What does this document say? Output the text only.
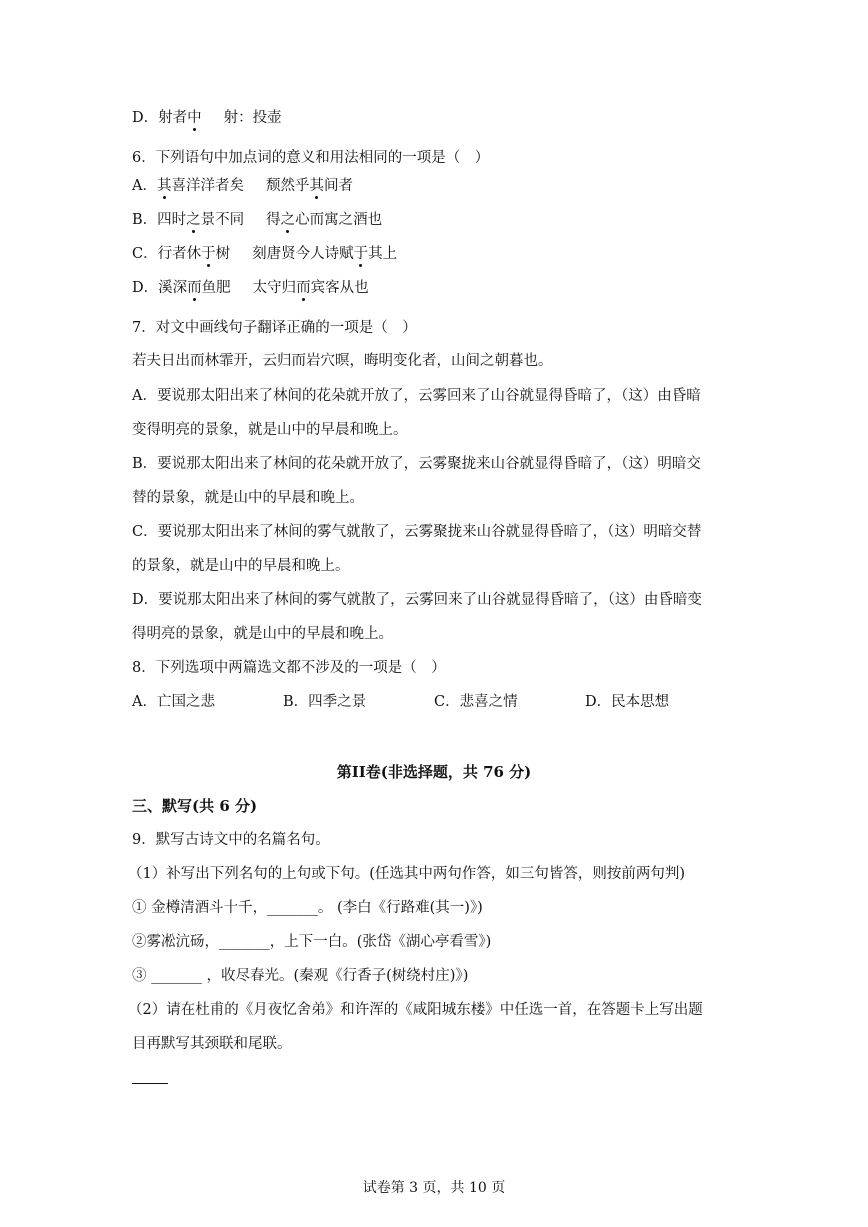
D．射者中 射：投壶
6．下列语句中加点词的意义和用法相同的一项是（　）
A．其喜洋洋者矣 颓然乎其间者
B．四时之景不同 得之心而寓之酒也
C．行者休于树 刻唐贤今人诗赋于其上
D．溪深而鱼肥 太守归而宾客从也
7．对文中画线句子翻译正确的一项是（　）
若夫日出而林霏开，云归而岩穴暝，晦明变化者，山间之朝暮也。
A．要说那太阳出来了林间的花朵就开放了，云雾回来了山谷就显得昏暗了，（这）由昏暗
变得明亮的景象，就是山中的早晨和晚上。
B．要说那太阳出来了林间的花朵就开放了，云雾聚拢来山谷就显得昏暗了，（这）明暗交
替的景象，就是山中的早晨和晚上。
C．要说那太阳出来了林间的雾气就散了，云雾聚拢来山谷就显得昏暗了，（这）明暗交替
的景象，就是山中的早晨和晚上。
D．要说那太阳出来了林间的雾气就散了，云雾回来了山谷就显得昏暗了，（这）由昏暗变
得明亮的景象，就是山中的早晨和晚上。
8．下列选项中两篇选文都不涉及的一项是（　）
A．亡国之悲	B．四季之景	C．悲喜之情	D．民本思想
第II卷(非选择题，共 76 分)
三、默写(共 6 分)
9．默写古诗文中的名篇名句。
（1）补写出下列名句的上句或下句。(任选其中两句作答，如三句皆答，则按前两句判)
① 金樽清酒斗十千，_______。 (李白《行路难(其一)》)
②雾凇沆砀，_______，上下一白。(张岱《湖心亭看雪》)
③ _______ ，收尽春光。(秦观《行香子(树绕村庄)》)
（2）请在杜甫的《月夜忆舍弟》和许浑的《咸阳城东楼》中任选一首，在答题卡上写出题
目再默写其颈联和尾联。
试卷第 3 页，共 10 页
